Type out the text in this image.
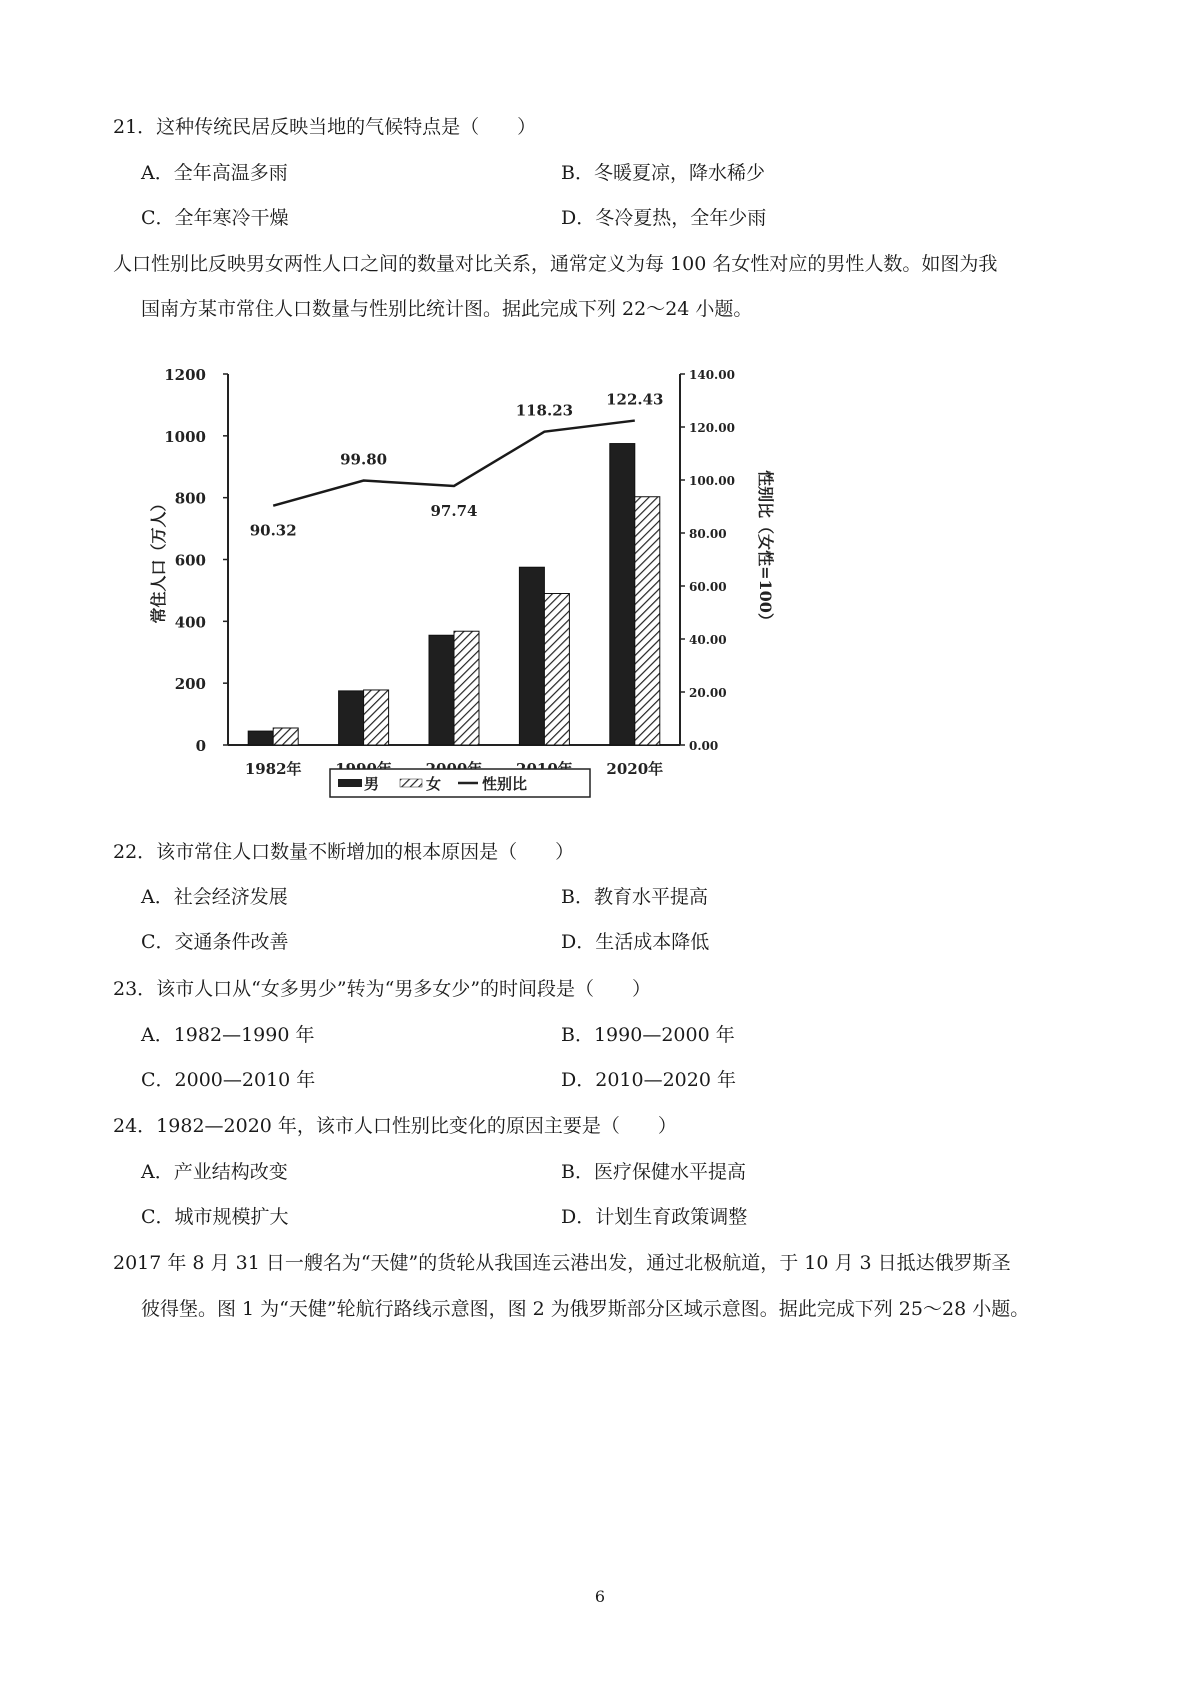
21．这种传统民居反映当地的气候特点是（　　）
A．全年高温多雨	B．冬暖夏凉，降水稀少
C．全年寒冷干燥	D．冬冷夏热，全年少雨
人口性别比反映男女两性人口之间的数量对比关系，通常定义为每 100 名女性对应的男性人数。如图为我
国南方某市常住人口数量与性别比统计图。据此完成下列 22～24 小题。
0
200
400
600
800
1000
1200
0.00
20.00
40.00
60.00
80.00
100.00
120.00
140.00
常住人口（万人）	性别比（女性=100）
1982年	2020年
90.32
99.80
97.74
118.23
122.43
男	女	性别比
22．该市常住人口数量不断增加的根本原因是（　　）
A．社会经济发展	B．教育水平提高
C．交通条件改善	D．生活成本降低
23．该市人口从“女多男少”转为“男多女少”的时间段是（　　）
A．1982—1990 年	B．1990—2000 年
C．2000—2010 年	D．2010—2020 年
24．1982—2020 年，该市人口性别比变化的原因主要是（　　）
A．产业结构改变	B．医疗保健水平提高
C．城市规模扩大	D．计划生育政策调整
2017 年 8 月 31 日一艘名为“天健”的货轮从我国连云港出发，通过北极航道，于 10 月 3 日抵达俄罗斯圣
彼得堡。图 1 为“天健”轮航行路线示意图，图 2 为俄罗斯部分区域示意图。据此完成下列 25～28 小题。
6
